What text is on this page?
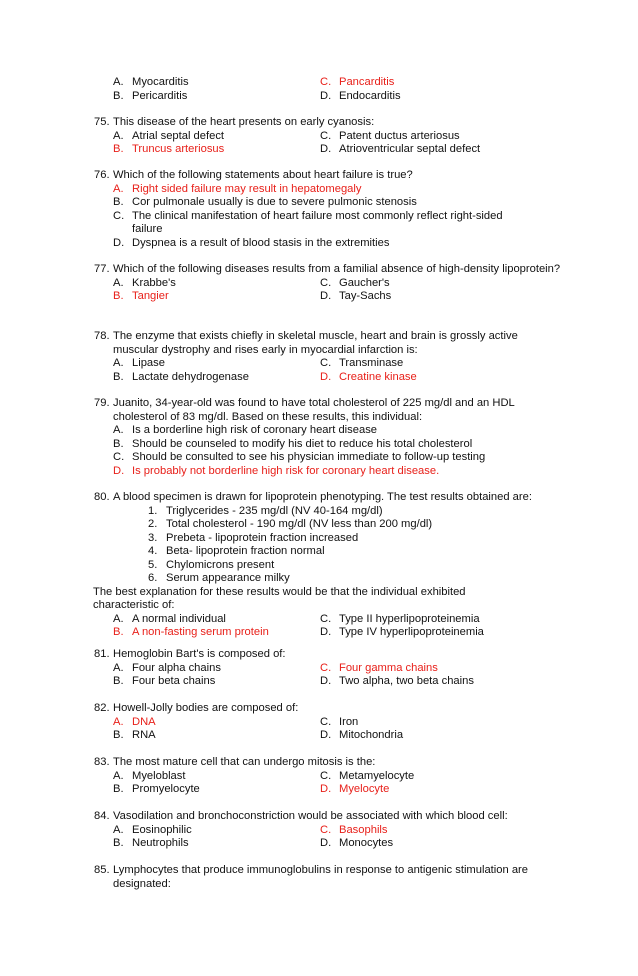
A. Myocarditis	C. Pancarditis
B. Pericarditis	D. Endocarditis
75. This disease of the heart presents on early cyanosis:
A. Atrial septal defect	C. Patent ductus arteriosus
B. Truncus arteriosus	D. Atrioventricular septal defect
76. Which of the following statements about heart failure is true?
A. Right sided failure may result in hepatomegaly
B. Cor pulmonale usually is due to severe pulmonic stenosis
C. The clinical manifestation of heart failure most commonly reflect right-sided failure
D. Dyspnea is a result of blood stasis in the extremities
77. Which of the following diseases results from a familial absence of high-density lipoprotein?
A. Krabbe's	C. Gaucher's
B. Tangier	D. Tay-Sachs
78. The enzyme that exists chiefly in skeletal muscle, heart and brain is grossly active muscular dystrophy and rises early in myocardial infarction is:
A. Lipase	C. Transminase
B. Lactate dehydrogenase	D. Creatine kinase
79. Juanito, 34-year-old was found to have total cholesterol of 225 mg/dl and an HDL cholesterol of 83 mg/dl. Based on these results, this individual:
A. Is a borderline high risk of coronary heart disease
B. Should be counseled to modify his diet to reduce his total cholesterol
C. Should be consulted to see his physician immediate to follow-up testing
D. Is probably not borderline high risk for coronary heart disease.
80. A blood specimen is drawn for lipoprotein phenotyping. The test results obtained are:
1. Triglycerides - 235 mg/dl (NV 40-164 mg/dl)
2. Total cholesterol - 190 mg/dl (NV less than 200 mg/dl)
3. Prebeta - lipoprotein fraction increased
4. Beta- lipoprotein fraction normal
5. Chylomicrons present
6. Serum appearance milky
The best explanation for these results would be that the individual exhibited characteristic of:
A. A normal individual	C. Type II hyperlipoproteinemia
B. A non-fasting serum protein	D. Type IV hyperlipoproteinemia
81. Hemoglobin Bart's is composed of:
A. Four alpha chains	C. Four gamma chains
B. Four beta chains	D. Two alpha, two beta chains
82. Howell-Jolly bodies are composed of:
A. DNA	C. Iron
B. RNA	D. Mitochondria
83. The most mature cell that can undergo mitosis is the:
A. Myeloblast	C. Metamyelocyte
B. Promyelocyte	D. Myelocyte
84. Vasodilation and bronchoconstriction would be associated with which blood cell:
A. Eosinophilic	C. Basophils
B. Neutrophils	D. Monocytes
85. Lymphocytes that produce immunoglobulins in response to antigenic stimulation are designated:
